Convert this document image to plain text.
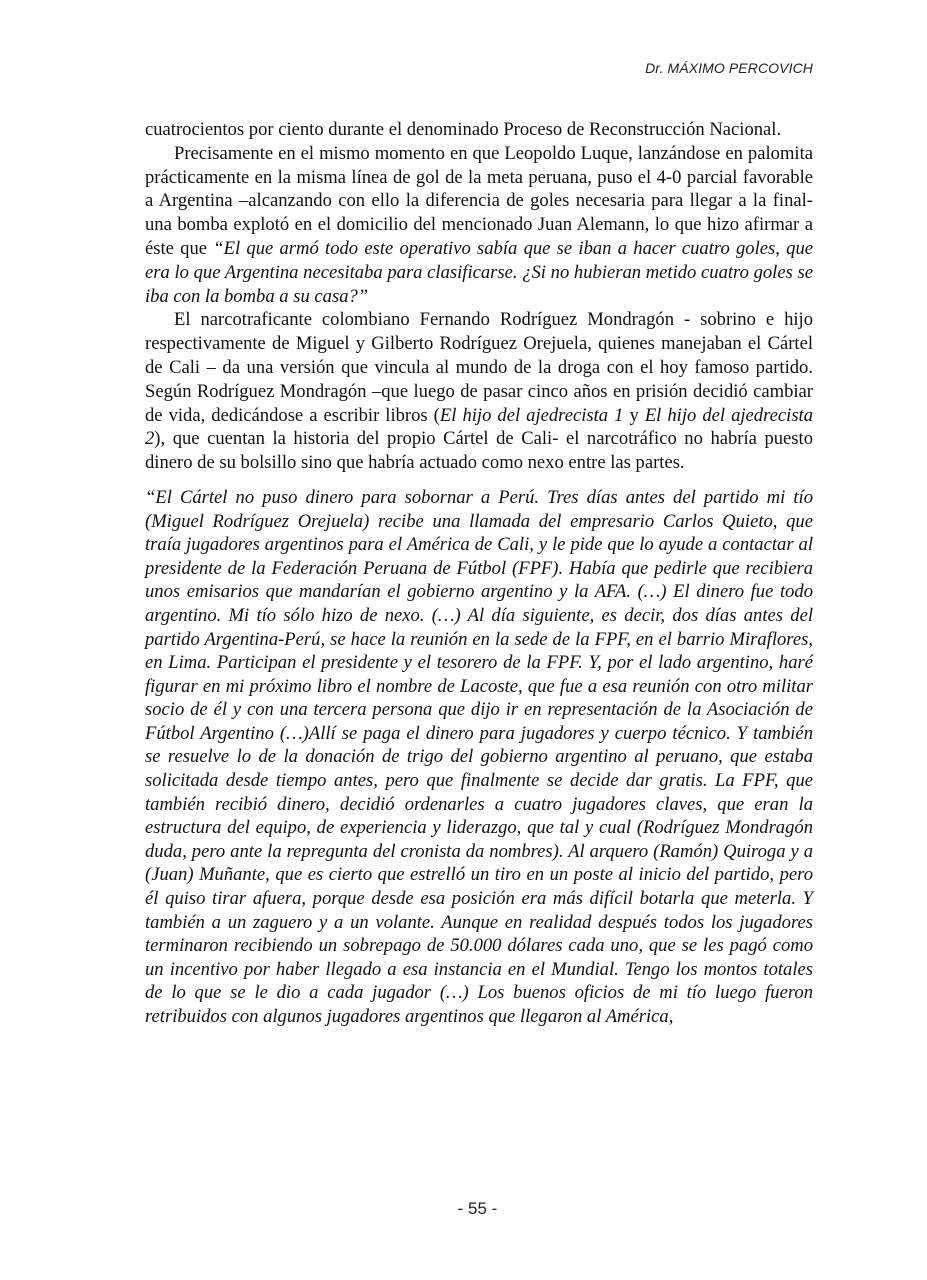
Dr. MÁXIMO PERCOVICH

cuatrocientos por ciento durante el denominado Proceso de Reconstrucción Nacional.

Precisamente en el mismo momento en que Leopoldo Luque, lanzándose en palomita prácticamente en la misma línea de gol de la meta peruana, puso el 4-0 parcial favorable a Argentina –alcanzando con ello la diferencia de goles necesaria para llegar a la final- una bomba explotó en el domicilio del mencionado Juan Alemann, lo que hizo afirmar a éste que “El que armó todo este operativo sabía que se iban a hacer cuatro goles, que era lo que Argentina necesitaba para clasificarse. ¿Si no hubieran metido cuatro goles se iba con la bomba a su casa?”

El narcotraficante colombiano Fernando Rodríguez Mondragón - sobrino e hijo respectivamente de Miguel y Gilberto Rodríguez Orejuela, quienes manejaban el Cártel de Cali – da una versión que vincula al mundo de la droga con el hoy famoso partido. Según Rodríguez Mondragón –que luego de pasar cinco años en prisión decidió cambiar de vida, dedicándose a escribir libros (El hijo del ajedrecista 1 y El hijo del ajedrecista 2), que cuentan la historia del propio Cártel de Cali- el narcotráfico no habría puesto dinero de su bolsillo sino que habría actuado como nexo entre las partes.

“El Cártel no puso dinero para sobornar a Perú. Tres días antes del partido mi tío (Miguel Rodríguez Orejuela) recibe una llamada del empresario Carlos Quieto, que traía jugadores argentinos para el América de Cali, y le pide que lo ayude a contactar al presidente de la Federación Peruana de Fútbol (FPF). Había que pedirle que recibiera unos emisarios que mandarían el gobierno argentino y la AFA. (…) El dinero fue todo argentino. Mi tío sólo hizo de nexo. (…) Al día siguiente, es decir, dos días antes del partido Argentina-Perú, se hace la reunión en la sede de la FPF, en el barrio Miraflores, en Lima. Participan el presidente y el tesorero de la FPF. Y, por el lado argentino, haré figurar en mi próximo libro el nombre de Lacoste, que fue a esa reunión con otro militar socio de él y con una tercera persona que dijo ir en representación de la Asociación de Fútbol Argentino (…)Allí se paga el dinero para jugadores y cuerpo técnico. Y también se resuelve lo de la donación de trigo del gobierno argentino al peruano, que estaba solicitada desde tiempo antes, pero que finalmente se decide dar gratis. La FPF, que también recibió dinero, decidió ordenarles a cuatro jugadores claves, que eran la estructura del equipo, de experiencia y liderazgo, que tal y cual (Rodríguez Mondragón duda, pero ante la repregunta del cronista da nombres). Al arquero (Ramón) Quiroga y a (Juan) Muñante, que es cierto que estrelló un tiro en un poste al inicio del partido, pero él quiso tirar afuera, porque desde esa posición era más difícil botarla que meterla. Y también a un zaguero y a un volante. Aunque en realidad después todos los jugadores terminaron recibiendo un sobrepago de 50.000 dólares cada uno, que se les pagó como un incentivo por haber llegado a esa instancia en el Mundial. Tengo los montos totales de lo que se le dio a cada jugador (…) Los buenos oficios de mi tío luego fueron retribuidos con algunos jugadores argentinos que llegaron al América,

- 55 -
